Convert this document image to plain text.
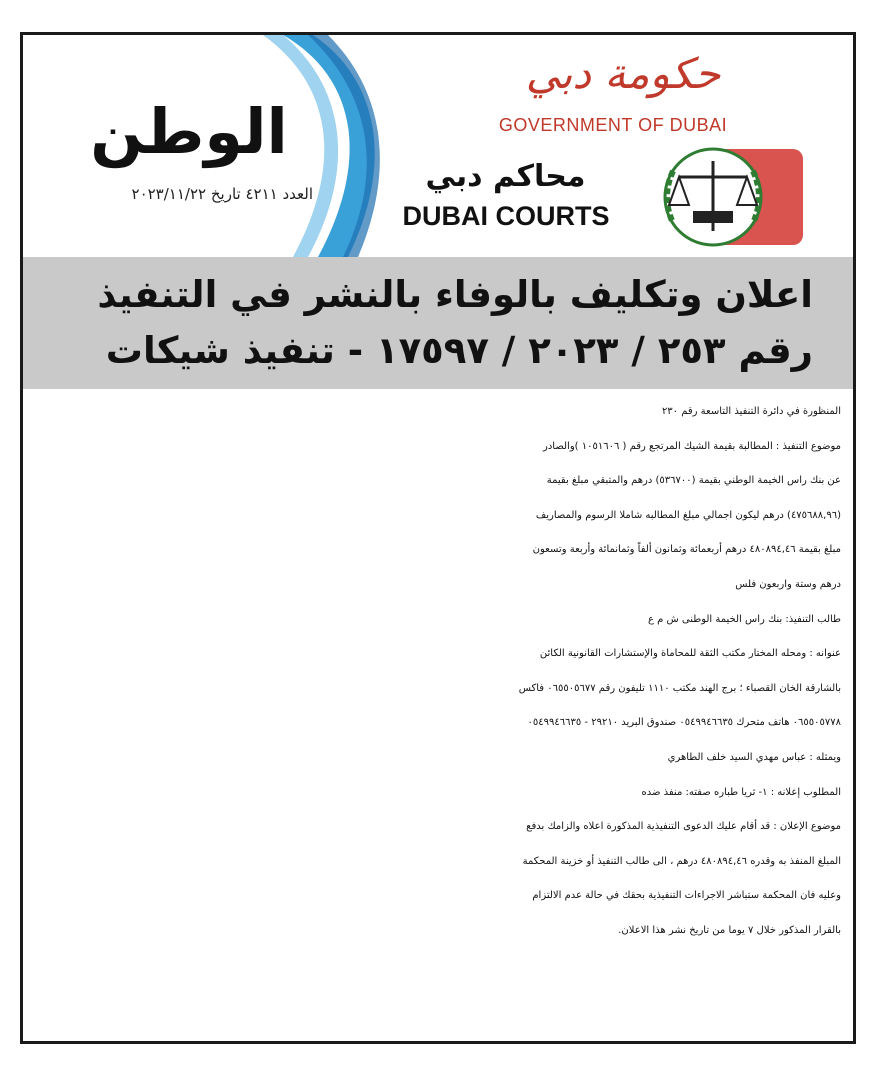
الوطن
العدد ٤٢١١ تاريخ ٢٠٢٣/١١/٢٢
حكومة دبي
GOVERNMENT OF DUBAI
محاكم دبي
DUBAI COURTS
اعلان وتكليف بالوفاء بالنشر في التنفيذ
رقم ٢٥٣ / ٢٠٢٣ / ١٧٥٩٧ - تنفيذ شيكات

المنظورة في دائرة التنفيذ التاسعة رقم ٢٣٠

موضوع التنفيذ : المطالبة بقيمة الشيك المرتجع رقم ( ١٠٥١٦٠٦ )والصادر

عن بنك راس الخيمة الوطني بقيمة (٥٣٦٧٠٠) درهم والمتبقي مبلغ بقيمة

(٤٧٥٦٨٨,٩٦) درهم ليكون اجمالي مبلغ المطالبه شاملا الرسوم والمصاريف

مبلغ بقيمة ٤٨٠٨٩٤,٤٦ درهم أربعمائة وثمانون ألفاً وثمانمائة وأربعة وتسعون

درهم وستة واربعون فلس

طالب التنفيذ: بنك راس الخيمة الوطنى ش م ع

عنوانه : ومحله المختار مكتب الثقة للمحاماة والإستشارات القانونية الكائن

بالشارقة الخان القصباء ؛ برج الهند مكتب ١١١٠ تليفون رقم ٠٦٥٥٠٥٦٧٧ فاكس

٠٦٥٥٠٥٧٧٨ هاتف متحرك ٠٥٤٩٩٤٦٦٣٥ صندوق البريد ٢٩٢١٠ - ٠٥٤٩٩٤٦٦٣٥

ويمثله : عباس مهدي السيد خلف الطاهري

المطلوب إعلانه : ١- ثريا طباره صفته: منفذ ضده

موضوع الإعلان : قد أقام عليك الدعوى التنفيذية المذكورة اعلاه والزامك بدفع

المبلغ المنفذ به وقدره ٤٨٠٨٩٤,٤٦ درهم ، الى طالب التنفيذ أو خزينة المحكمة

وعليه فان المحكمة ستباشر الاجراءات التنفيذية بحقك في حالة عدم الالتزام

بالقرار المذكور خلال ٧ يوما من تاريخ نشر هذا الاعلان.
